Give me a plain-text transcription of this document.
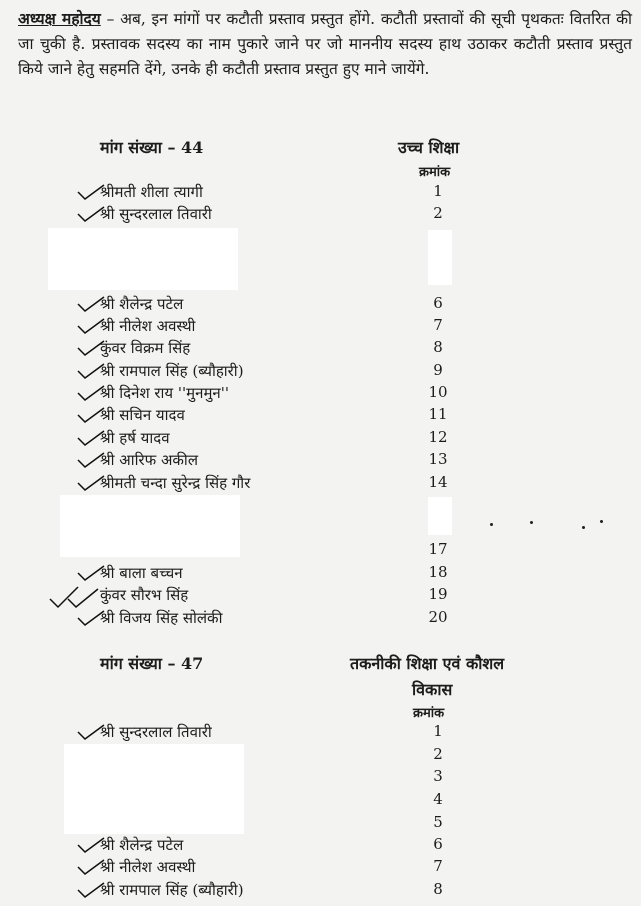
अध्यक्ष महोदय – अब, इन मांगों पर कटौती प्रस्ताव प्रस्तुत होंगे. कटौती प्रस्तावों की सूची पृथकतः वितरित की जा चुकी है. प्रस्तावक सदस्य का नाम पुकारे जाने पर जो माननीय सदस्य हाथ उठाकर कटौती प्रस्ताव प्रस्तुत किये जाने हेतु सहमति देंगे, उनके ही कटौती प्रस्ताव प्रस्तुत हुए माने जायेंगे.
मांग संख्या – 44	उच्च शिक्षा
क्रमांक
श्रीमती शीला त्यागी	1
श्री सुन्दरलाल तिवारी	2
श्री शैलेन्द्र पटेल	6
श्री नीलेश अवस्थी	7
कुंवर विक्रम सिंह	8
श्री रामपाल सिंह (ब्यौहारी)	9
श्री दिनेश राय ''मुनमुन''	10
श्री सचिन यादव	11
श्री हर्ष यादव	12
श्री आरिफ अकील	13
श्रीमती चन्दा सुरेन्द्र सिंह गौर	14
17
श्री बाला बच्चन	18
कुंवर सौरभ सिंह	19
श्री विजय सिंह सोलंकी	20
मांग संख्या – 47	तकनीकी शिक्षा एवं कौशल
विकास
क्रमांक
श्री सुन्दरलाल तिवारी	1
2
3
4
5
श्री शैलेन्द्र पटेल	6
श्री नीलेश अवस्थी	7
श्री रामपाल सिंह (ब्यौहारी)	8
